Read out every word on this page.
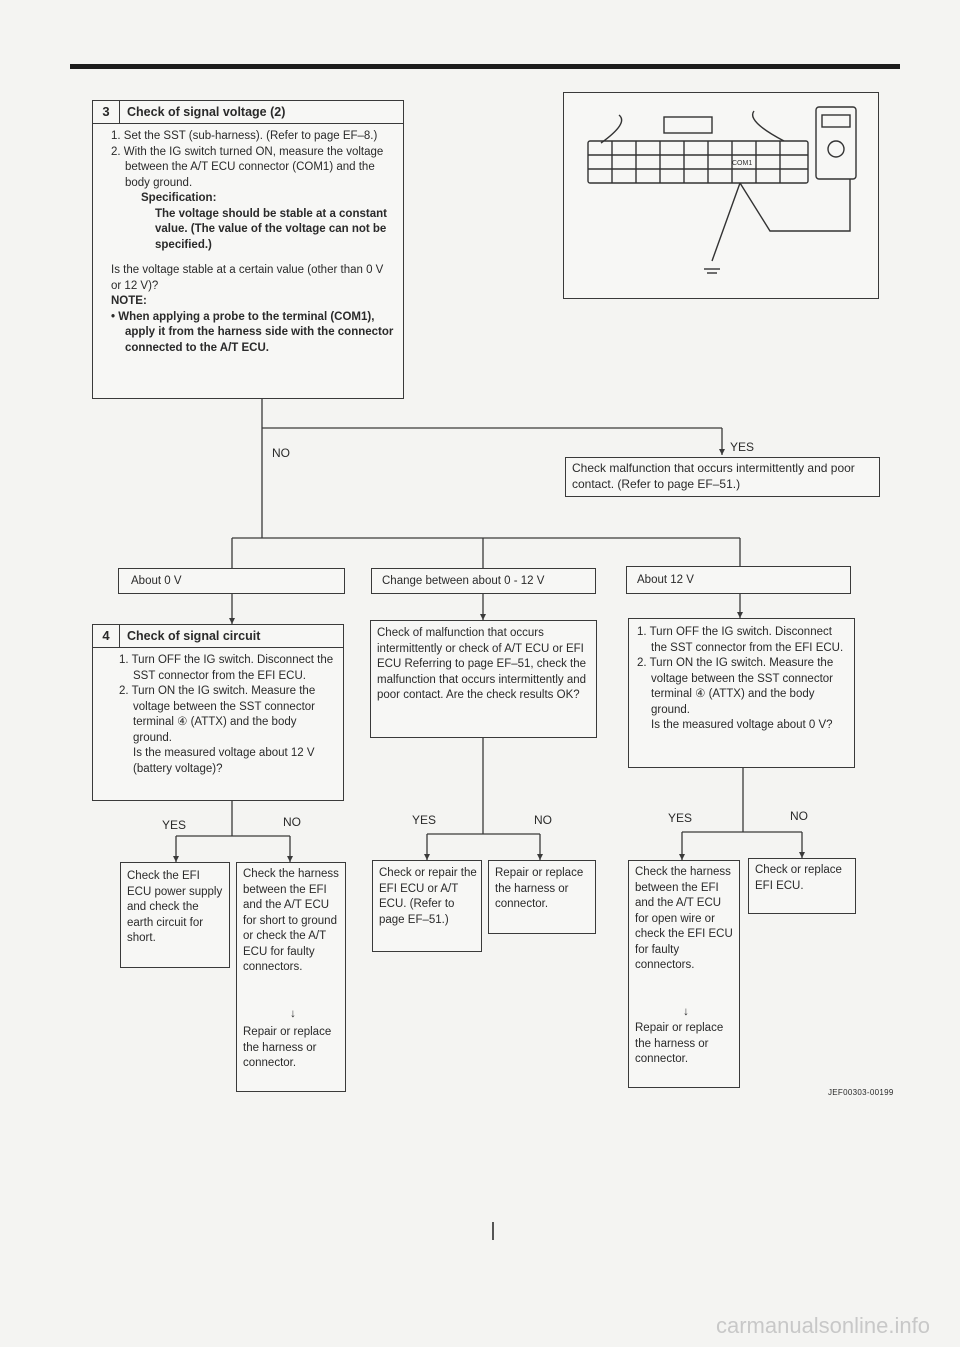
3	Check of signal voltage (2)

1. Set the SST (sub-harness). (Refer to page EF–8.)

2. With the IG switch turned ON, measure the voltage between the A/T ECU connector (COM1) and the body ground.

Specification:

The voltage should be stable at a constant value. (The value of the voltage can not be specified.)

Is the voltage stable at a certain value (other than 0 V or 12 V)?

NOTE:

• When applying a probe to the terminal (COM1), apply it from the harness side with the connector connected to the A/T ECU.

COM1
NO	YES
Check malfunction that occurs intermittently and poor contact. (Refer to page EF–51.)
About 0 V	Change between about 0 - 12 V	About 12 V
4	Check of signal circuit

1. Turn OFF the IG switch. Disconnect the SST connector from the EFI ECU.

2. Turn ON the IG switch. Measure the voltage between the SST connector terminal ④ (ATTX) and the body ground.

Is the measured voltage about 12 V (battery voltage)?

Check of malfunction that occurs intermittently or check of A/T ECU or EFI ECU Referring to page EF–51, check the malfunction that occurs intermittently and poor contact. Are the check results OK?

1. Turn OFF the IG switch. Disconnect the SST connector from the EFI ECU.

2. Turn ON the IG switch. Measure the voltage between the SST connector terminal ④ (ATTX) and the body ground.

Is the measured voltage about 0 V?

YES	NO	YES	NO	YES	NO
Check the EFI ECU power supply and check the earth circuit for short.
Check the harness between the EFI and the A/T ECU for short to ground or check the A/T ECU for faulty connectors.
↓
Repair or replace the harness or connector.
Check or repair the EFI ECU or A/T ECU. (Refer to page EF–51.)
Repair or replace the harness or connector.
Check the harness between the EFI and the A/T ECU for open wire or check the EFI ECU for faulty connectors.
↓
Repair or replace the harness or connector.
Check or replace EFI ECU.
JEF00303-00199
carmanualsonline.info
